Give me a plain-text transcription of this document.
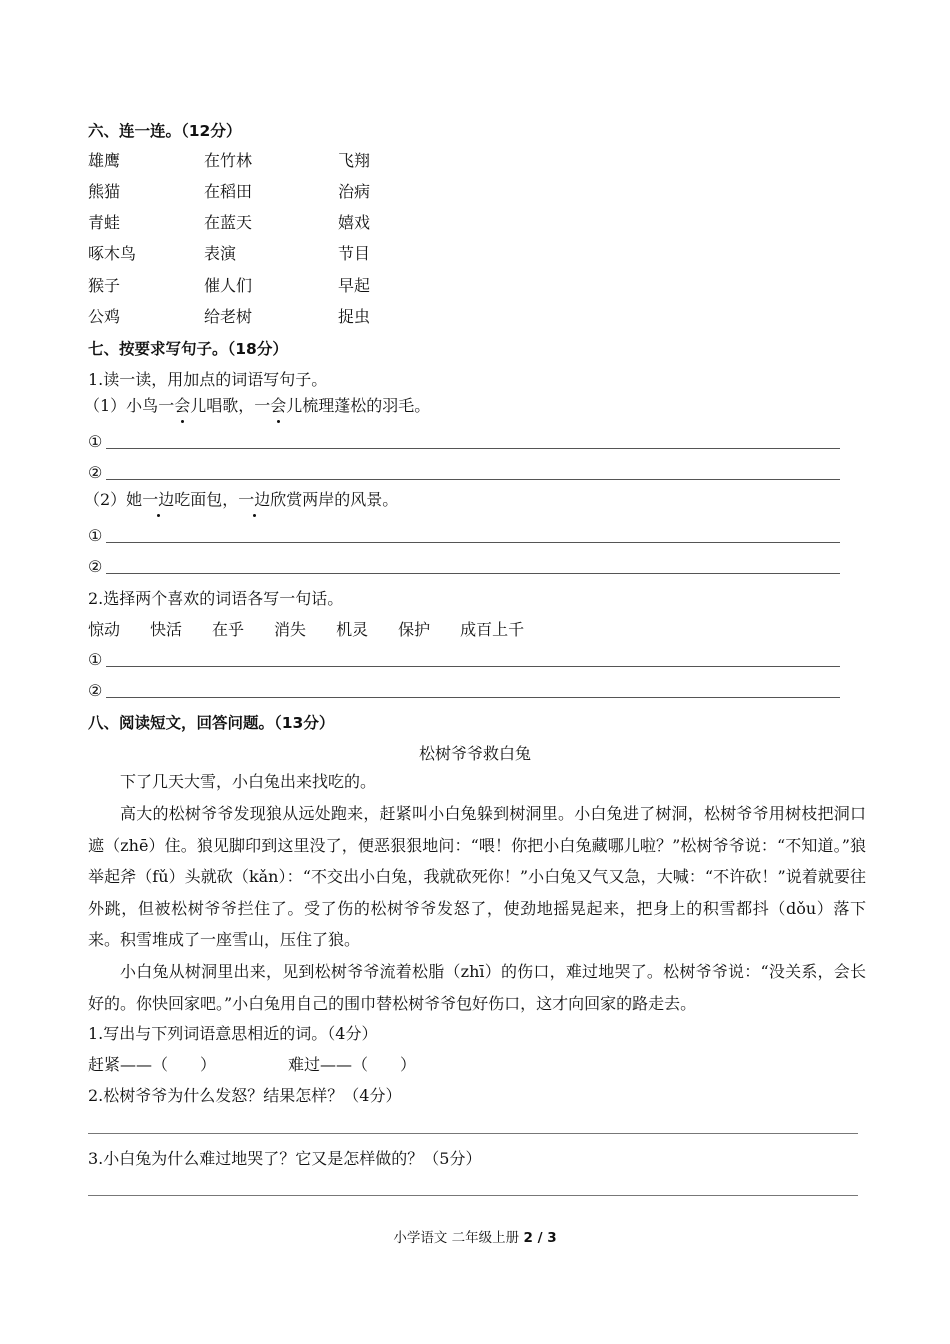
六、连一连。（12分）
雄鹰
熊猫
青蛙
啄木鸟
猴子
公鸡
在竹林
在稻田
在蓝天
表演
催人们
给老树
飞翔
治病
嬉戏
节目
早起
捉虫
七、按要求写句子。（18分）
1.读一读，用加点的词语写句子。
（1）小鸟一会儿唱歌，一会儿梳理蓬松的羽毛。
①
②
（2）她一边吃面包，一边欣赏两岸的风景。
①
②
2.选择两个喜欢的词语各写一句话。
惊动 快活 在乎 消失 机灵 保护 成百上千
①
②
八、阅读短文，回答问题。（13分）
松树爷爷救白兔
下了几天大雪，小白兔出来找吃的。
高大的松树爷爷发现狼从远处跑来，赶紧叫小白兔躲到树洞里。小白兔进了树洞，松树爷爷用树枝把洞口遮（zhē）住。狼见脚印到这里没了，便恶狠狠地问：“喂！你把小白兔藏哪儿啦？”松树爷爷说：“不知道。”狼举起斧（fǔ）头就砍（kǎn）：“不交出小白兔，我就砍死你！”小白兔又气又急，大喊：“不许砍！”说着就要往外跳，但被松树爷爷拦住了。受了伤的松树爷爷发怒了，使劲地摇晃起来，把身上的积雪都抖（dǒu）落下来。积雪堆成了一座雪山，压住了狼。
小白兔从树洞里出来，见到松树爷爷流着松脂（zhī）的伤口，难过地哭了。松树爷爷说：“没关系，会长好的。你快回家吧。”小白兔用自己的围巾替松树爷爷包好伤口，这才向回家的路走去。
1.写出与下列词语意思相近的词。（4分）
赶紧——（　　）	难过——（　　）
2.松树爷爷为什么发怒？结果怎样？（4分）
3.小白兔为什么难过地哭了？它又是怎样做的？（5分）
小学语文 二年级上册 2 / 3
